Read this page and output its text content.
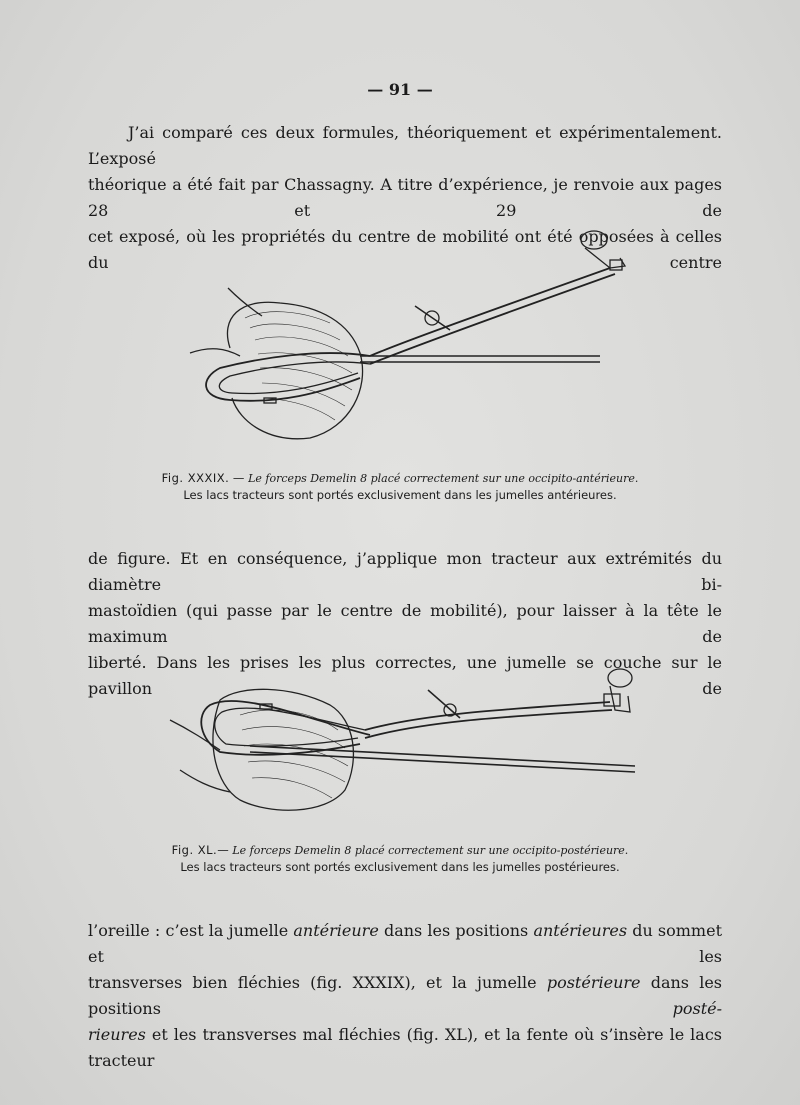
— 91 —
J’ai comparé ces deux formules, théoriquement et expérimentalement. L’exposé
théorique a été fait par Chassagny. A titre d’expérience, je renvoie aux pages 28 et 29 de
cet exposé, où les propriétés du centre de mobilité ont été opposées à celles du centre
Fig. XXXIX. — Le forceps Demelin 8 placé correctement sur une occipito-antérieure.
Les lacs tracteurs sont portés exclusivement dans les jumelles antérieures.
de figure. Et en conséquence, j’applique mon tracteur aux extrémités du diamètre bi-
mastoïdien (qui passe par le centre de mobilité), pour laisser à la tête le maximum de
liberté. Dans les prises les plus correctes, une jumelle se couche sur le pavillon de
Fig. XL.— Le forceps Demelin 8 placé correctement sur une occipito-postérieure.
Les lacs tracteurs sont portés exclusivement dans les jumelles postérieures.
l’oreille : c’est la jumelle antérieure dans les positions antérieures du sommet et les
transverses bien fléchies (fig. XXXIX), et la jumelle postérieure dans les positions posté-
rieures et les transverses mal fléchies (fig. XL), et la fente où s’insère le lacs tracteur
